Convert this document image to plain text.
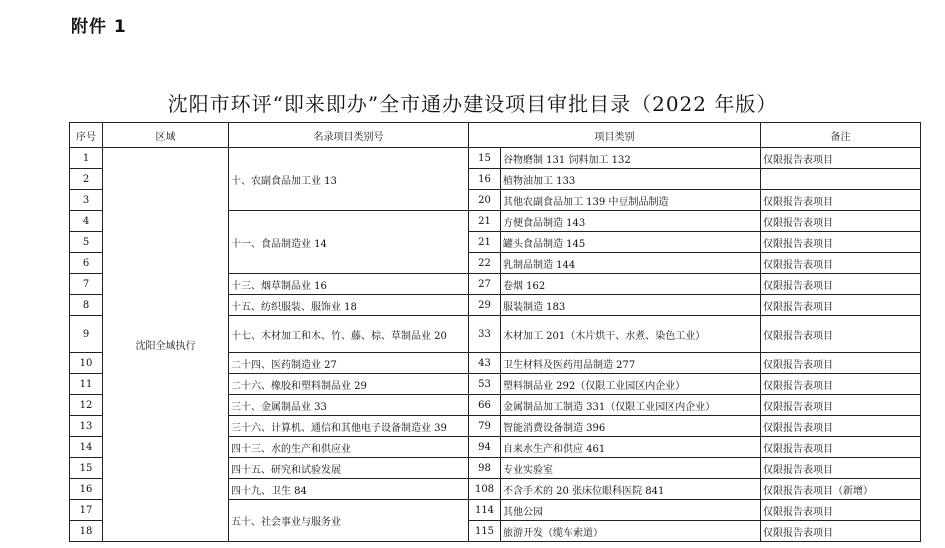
附件 1
沈阳市环评“即来即办”全市通办建设项目审批目录（2022 年版）
序号	区域	名录项目类别号	项目类别		备注
1	沈阳全域执行	十、农副食品加工业 13	15	谷物磨制 131 饲料加工 132	仅限报告表项目
2			16	植物油加工 133	
3			20	其他农副食品加工 139 中豆制品制造	仅限报告表项目
4		十一、食品制造业 14	21	方便食品制造 143	仅限报告表项目
5			21	罐头食品制造 145	仅限报告表项目
6			22	乳制品制造 144	仅限报告表项目
7		十三、烟草制品业 16	27	卷烟 162	仅限报告表项目
8		十五、纺织服装、服饰业 18	29	服装制造 183	仅限报告表项目
9		十七、木材加工和木、竹、藤、棕、草制品业 20	33	木材加工 201（木片烘干、水煮、染色工业）	仅限报告表项目
10		二十四、医药制造业 27	43	卫生材料及医药用品制造 277	仅限报告表项目
11		二十六、橡胶和塑料制品业 29	53	塑料制品业 292（仅限工业园区内企业）	仅限报告表项目
12		三十、金属制品业 33	66	金属制品加工制造 331（仅限工业园区内企业）	仅限报告表项目
13		三十六、计算机、通信和其他电子设备制造业 39	79	智能消费设备制造 396	仅限报告表项目
14		四十三、水的生产和供应业	94	自来水生产和供应 461	仅限报告表项目
15		四十五、研究和试验发展	98	专业实验室	仅限报告表项目
16		四十九、卫生 84	108	不含手术的 20 张床位眼科医院 841	仅限报告表项目（新增）
17		五十、社会事业与服务业	114	其他公园	仅限报告表项目
18			115	旅游开发（缆车索道）	仅限报告表项目
